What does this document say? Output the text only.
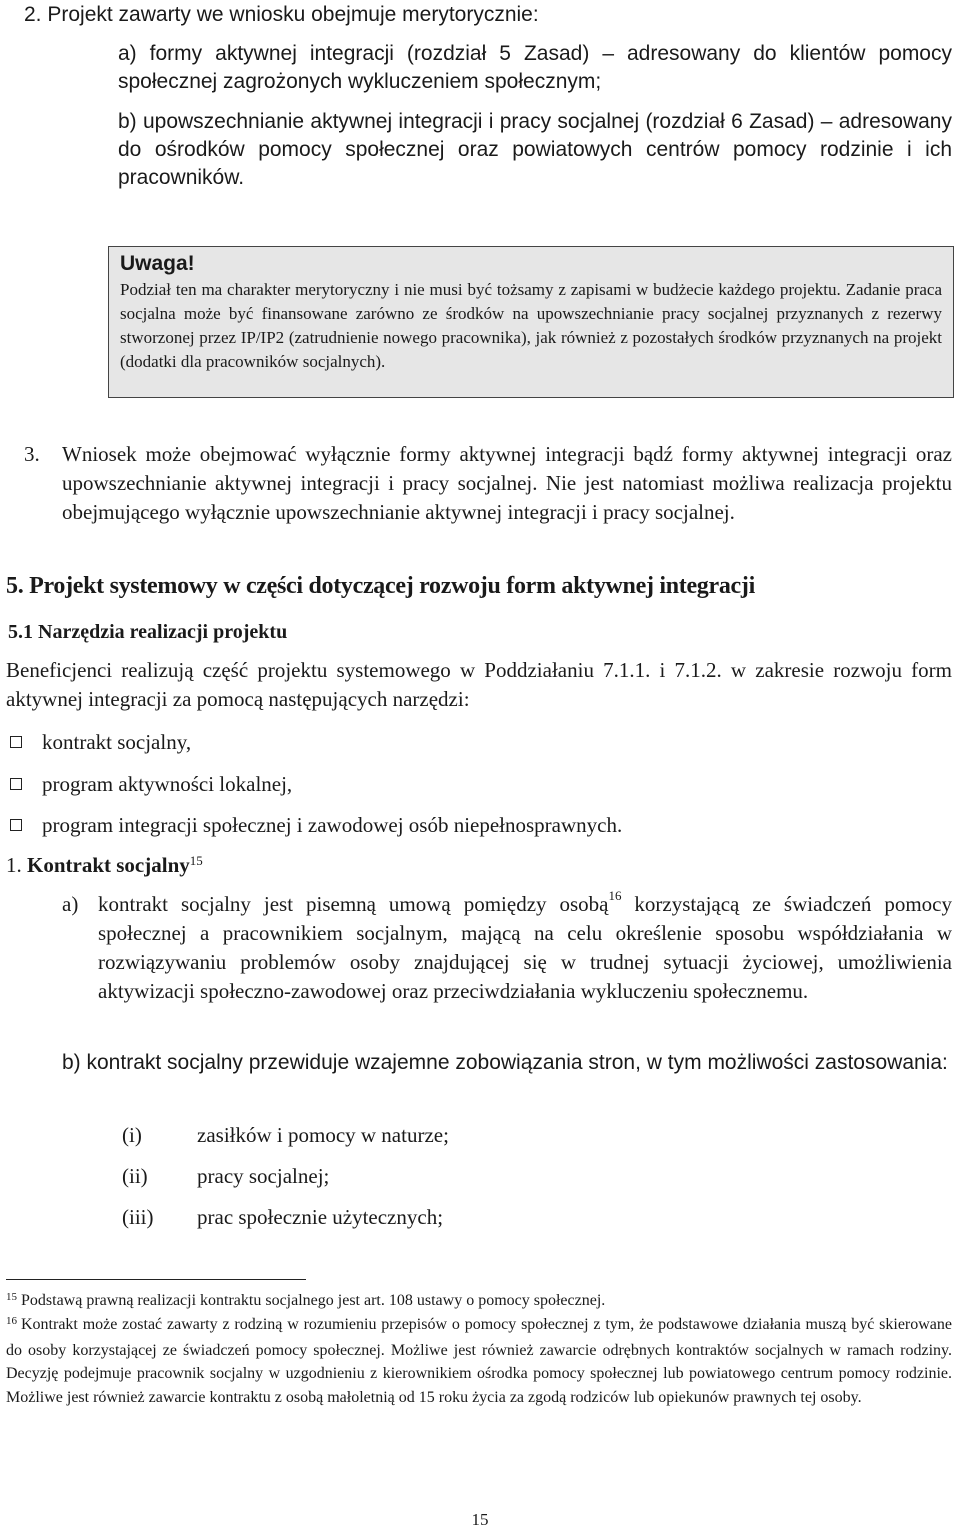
2. Projekt zawarty we wniosku obejmuje merytorycznie:

a) formy aktywnej integracji (rozdział 5 Zasad) – adresowany do klientów pomocy społecznej zagrożonych wykluczeniem społecznym;

b) upowszechnianie aktywnej integracji i pracy socjalnej (rozdział 6 Zasad) – adresowany do ośrodków pomocy społecznej oraz powiatowych centrów pomocy rodzinie i ich pracowników.

Uwaga!

Podział ten ma charakter merytoryczny i nie musi być tożsamy z zapisami w budżecie każdego projektu. Zadanie praca socjalna może być finansowane zarówno ze środków na upowszechnianie pracy socjalnej przyznanych z rezerwy stworzonej przez IP/IP2 (zatrudnienie nowego pracownika), jak również z pozostałych środków przyznanych na projekt (dodatki dla pracowników socjalnych).

3. Wniosek może obejmować wyłącznie formy aktywnej integracji bądź formy aktywnej integracji oraz upowszechnianie aktywnej integracji i pracy socjalnej. Nie jest natomiast możliwa realizacja projektu obejmującego wyłącznie upowszechnianie aktywnej integracji i pracy socjalnej.

5. Projekt systemowy w części dotyczącej rozwoju form aktywnej integracji

5.1 Narzędzia realizacji projektu

Beneficjenci realizują część projektu systemowego w Poddziałaniu 7.1.1. i 7.1.2. w zakresie rozwoju form aktywnej integracji za pomocą następujących narzędzi:

kontrakt socjalny,
program aktywności lokalnej,
program integracji społecznej i zawodowej osób niepełnosprawnych.

1. Kontrakt socjalny$^{15}$

a) kontrakt socjalny jest pisemną umową pomiędzy osobą$^{16}$ korzystającą ze świadczeń pomocy społecznej a pracownikiem socjalnym, mającą na celu określenie sposobu współdziałania w rozwiązywaniu problemów osoby znajdującej się w trudnej sytuacji życiowej, umożliwienia aktywizacji społeczno-zawodowej oraz przeciwdziałania wykluczeniu społecznemu.

b) kontrakt socjalny przewiduje wzajemne zobowiązania stron, w tym możliwości zastosowania:

(i)	zasiłków i pomocy w naturze;
(ii) pracy socjalnej;
(iii) prac społecznie użytecznych;

$^{15}$ Podstawą prawną realizacji kontraktu socjalnego jest art. 108 ustawy o pomocy społecznej.

$^{16}$ Kontrakt może zostać zawarty z rodziną w rozumieniu przepisów o pomocy społecznej z tym, że podstawowe działania muszą być skierowane do osoby korzystającej ze świadczeń pomocy społecznej. Możliwe jest również zawarcie odrębnych kontraktów socjalnych w ramach rodziny. Decyzję podejmuje pracownik socjalny w uzgodnieniu z kierownikiem ośrodka pomocy społecznej lub powiatowego centrum pomocy rodzinie. Możliwe jest również zawarcie kontraktu z osobą małoletnią od 15 roku życia za zgodą rodziców lub opiekunów prawnych tej osoby.

15
